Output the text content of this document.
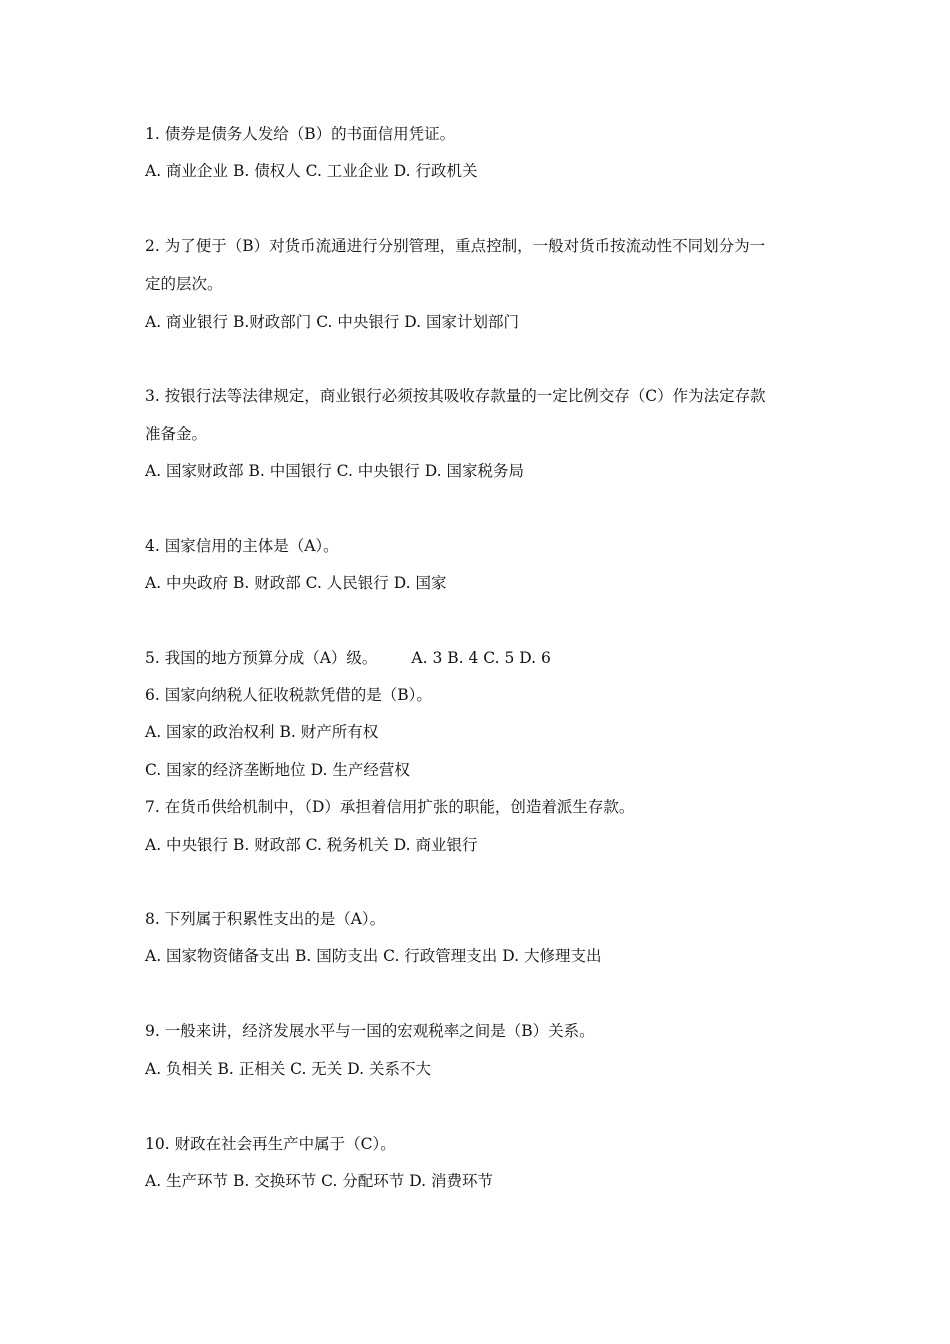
1. 债券是债务人发给（B）的书面信用凭证。
A. 商业企业 B. 债权人 C. 工业企业 D. 行政机关
2. 为了便于（B）对货币流通进行分别管理，重点控制，一般对货币按流动性不同划分为一
定的层次。
A. 商业银行 B.财政部门 C. 中央银行 D. 国家计划部门
3. 按银行法等法律规定，商业银行必须按其吸收存款量的一定比例交存（C）作为法定存款
准备金。
A. 国家财政部 B. 中国银行 C. 中央银行 D. 国家税务局
4. 国家信用的主体是（A）。
A. 中央政府 B. 财政部 C. 人民银行 D. 国家
5. 我国的地方预算分成（A）级。 A. 3 B. 4 C. 5 D. 6
6. 国家向纳税人征收税款凭借的是（B）。
A. 国家的政治权利 B. 财产所有权
C. 国家的经济垄断地位 D. 生产经营权
7. 在货币供给机制中，（D）承担着信用扩张的职能，创造着派生存款。
A. 中央银行 B. 财政部 C. 税务机关 D. 商业银行
8. 下列属于积累性支出的是（A）。
A. 国家物资储备支出 B. 国防支出 C. 行政管理支出 D. 大修理支出
9. 一般来讲，经济发展水平与一国的宏观税率之间是（B）关系。
A. 负相关 B. 正相关 C. 无关 D. 关系不大
10. 财政在社会再生产中属于（C）。
A. 生产环节 B. 交换环节 C. 分配环节 D. 消费环节
